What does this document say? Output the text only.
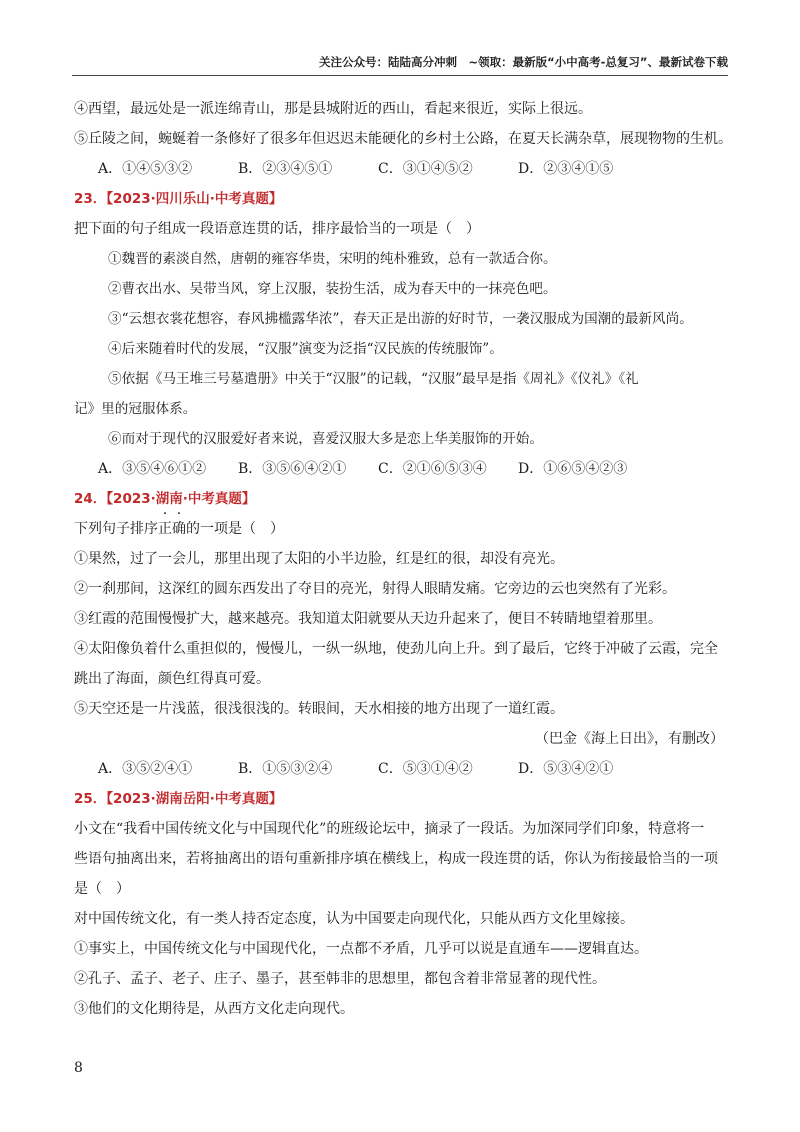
关注公众号：陆陆高分冲刺　~领取：最新版“小中高考-总复习”、最新试卷下载
④西望，最远处是一派连绵青山，那是县城附近的西山，看起来很近，实际上很远。
⑤丘陵之间，蜿蜒着一条修好了很多年但迟迟未能硬化的乡村土公路，在夏天长满杂草，展现物物的生机。
A．①④⑤③②	B．②③④⑤①	C．③①④⑤②	D．②③④①⑤
23．【2023·四川乐山·中考真题】
把下面的句子组成一段语意连贯的话，排序最恰当的一项是（　）
①魏晋的素淡自然，唐朝的雍容华贵，宋明的纯朴雅致，总有一款适合你。
②曹衣出水、吴带当风，穿上汉服，装扮生活，成为春天中的一抹亮色吧。
③“云想衣裳花想容，春风拂槛露华浓”，春天正是出游的好时节，一袭汉服成为国潮的最新风尚。
④后来随着时代的发展，“汉服”演变为泛指“汉民族的传统服饰”。
⑤依据《马王堆三号墓遣册》中关于“汉服”的记载，“汉服”最早是指《周礼》《仪礼》《礼
记》里的冠服体系。
⑥而对于现代的汉服爱好者来说，喜爱汉服大多是恋上华美服饰的开始。
A．③⑤④⑥①②	B．③⑤⑥④②①	C．②①⑥⑤③④	D．①⑥⑤④②③
24．【2023·湖南·中考真题】
下列句子排序正确的一项是（　）
①果然，过了一会儿，那里出现了太阳的小半边脸，红是红的很，却没有亮光。
②一刹那间，这深红的圆东西发出了夺目的亮光，射得人眼睛发痛。它旁边的云也突然有了光彩。
③红霞的范围慢慢扩大，越来越亮。我知道太阳就要从天边升起来了，便目不转睛地望着那里。
④太阳像负着什么重担似的，慢慢儿，一纵一纵地，使劲儿向上升。到了最后，它终于冲破了云霞，完全
跳出了海面，颜色红得真可爱。
⑤天空还是一片浅蓝，很浅很浅的。转眼间，天水相接的地方出现了一道红霞。
（巴金《海上日出》，有删改）
A．③⑤②④①	B．①⑤③②④	C．⑤③①④②	D．⑤③④②①
25．【2023·湖南岳阳·中考真题】
小文在“我看中国传统文化与中国现代化”的班级论坛中，摘录了一段话。为加深同学们印象，特意将一
些语句抽离出来，若将抽离出的语句重新排序填在横线上，构成一段连贯的话，你认为衔接最恰当的一项
是（　）
对中国传统文化，有一类人持否定态度，认为中国要走向现代化，只能从西方文化里嫁接。
①事实上，中国传统文化与中国现代化，一点都不矛盾，几乎可以说是直通车——逻辑直达。
②孔子、孟子、老子、庄子、墨子，甚至韩非的思想里，都包含着非常显著的现代性。
③他们的文化期待是，从西方文化走向现代。
8
